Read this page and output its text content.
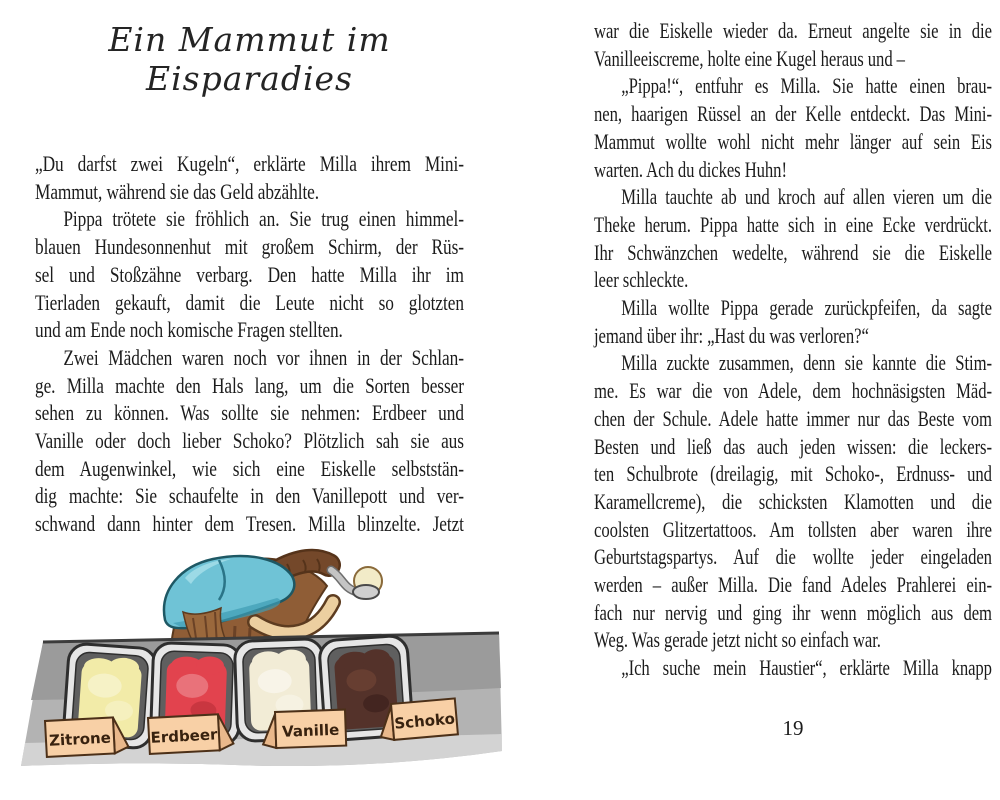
Ein Mammut im Eisparadies
„Du darfst zwei Kugeln“, erklärte Milla ihrem Mini-
Mammut, während sie das Geld abzählte.
Pippa trötete sie fröhlich an. Sie trug einen himmel-
blauen Hundesonnenhut mit großem Schirm, der Rüs-
sel und Stoßzähne verbarg. Den hatte Milla ihr im
Tierladen gekauft, damit die Leute nicht so glotzten
und am Ende noch komische Fragen stellten.
Zwei Mädchen waren noch vor ihnen in der Schlan-
ge. Milla machte den Hals lang, um die Sorten besser
sehen zu können. Was sollte sie nehmen: Erdbeer und
Vanille oder doch lieber Schoko? Plötzlich sah sie aus
dem Augenwinkel, wie sich eine Eiskelle selbststän-
dig machte: Sie schaufelte in den Vanillepott und ver-
schwand dann hinter dem Tresen. Milla blinzelte. Jetzt
Zitrone	Erdbeer	Vanille	Schoko
war die Eiskelle wieder da. Erneut angelte sie in die
Vanilleeiscreme, holte eine Kugel heraus und –
„Pippa!“, entfuhr es Milla. Sie hatte einen brau-
nen, haarigen Rüssel an der Kelle entdeckt. Das Mini-
Mammut wollte wohl nicht mehr länger auf sein Eis
warten. Ach du dickes Huhn!
Milla tauchte ab und kroch auf allen vieren um die
Theke herum. Pippa hatte sich in eine Ecke verdrückt.
Ihr Schwänzchen wedelte, während sie die Eiskelle
leer schleckte.
Milla wollte Pippa gerade zurückpfeifen, da sagte
jemand über ihr: „Hast du was verloren?“
Milla zuckte zusammen, denn sie kannte die Stim-
me. Es war die von Adele, dem hochnäsigsten Mäd-
chen der Schule. Adele hatte immer nur das Beste vom
Besten und ließ das auch jeden wissen: die leckers-
ten Schulbrote (dreilagig, mit Schoko-, Erdnuss- und
Karamellcreme), die schicksten Klamotten und die
coolsten Glitzertattoos. Am tollsten aber waren ihre
Geburtstagspartys. Auf die wollte jeder eingeladen
werden – außer Milla. Die fand Adeles Prahlerei ein-
fach nur nervig und ging ihr wenn möglich aus dem
Weg. Was gerade jetzt nicht so einfach war.
„Ich suche mein Haustier“, erklärte Milla knapp
19
